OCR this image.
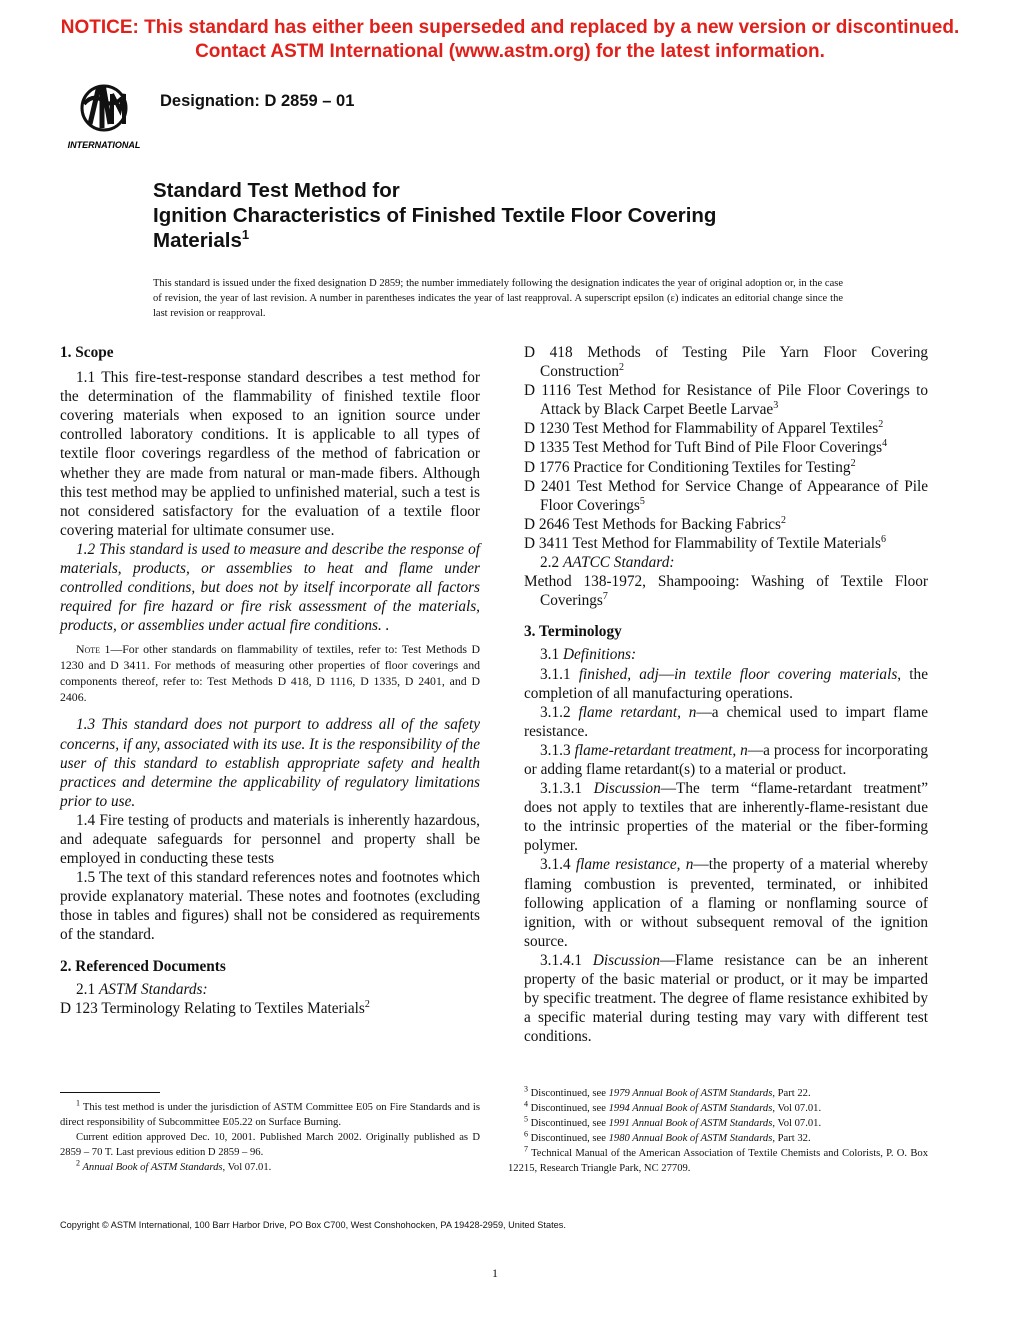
NOTICE: This standard has either been superseded and replaced by a new version or discontinued.
Contact ASTM International (www.astm.org) for the latest information.
INTERNATIONAL
Designation: D 2859 – 01
Standard Test Method for
Ignition Characteristics of Finished Textile Floor Covering
Materials$^1$
This standard is issued under the fixed designation D 2859; the number immediately following the designation indicates the year of original adoption or, in the case of revision, the year of last revision. A number in parentheses indicates the year of last reapproval. A superscript epsilon (ε) indicates an editorial change since the last revision or reapproval.
1. Scope

1.1 This fire-test-response standard describes a test method for the determination of the flammability of finished textile floor covering materials when exposed to an ignition source under controlled laboratory conditions. It is applicable to all types of textile floor coverings regardless of the method of fabrication or whether they are made from natural or man-made fibers. Although this test method may be applied to unfinished material, such a test is not considered satisfactory for the evaluation of a textile floor covering material for ultimate consumer use.

1.2 This standard is used to measure and describe the response of materials, products, or assemblies to heat and flame under controlled conditions, but does not by itself incorporate all factors required for fire hazard or fire risk assessment of the materials, products, or assemblies under actual fire conditions. .

Note 1—For other standards on flammability of textiles, refer to: Test Methods D 1230 and D 3411. For methods of measuring other properties of floor coverings and components thereof, refer to: Test Methods D 418, D 1116, D 1335, D 2401, and D 2406.

1.3 This standard does not purport to address all of the safety concerns, if any, associated with its use. It is the responsibility of the user of this standard to establish appropriate safety and health practices and determine the applicability of regulatory limitations prior to use.

1.4 Fire testing of products and materials is inherently hazardous, and adequate safeguards for personnel and property shall be employed in conducting these tests

1.5 The text of this standard references notes and footnotes which provide explanatory material. These notes and footnotes (excluding those in tables and figures) shall not be considered as requirements of the standard.

2. Referenced Documents

2.1 ASTM Standards:

D 123 Terminology Relating to Textiles Materials$^2$

D 418 Methods of Testing Pile Yarn Floor Covering Construction$^2$

D 1116 Test Method for Resistance of Pile Floor Coverings to Attack by Black Carpet Beetle Larvae$^3$

D 1230 Test Method for Flammability of Apparel Textiles$^2$

D 1335 Test Method for Tuft Bind of Pile Floor Coverings$^4$

D 1776 Practice for Conditioning Textiles for Testing$^2$

D 2401 Test Method for Service Change of Appearance of Pile Floor Coverings$^5$

D 2646 Test Methods for Backing Fabrics$^2$

D 3411 Test Method for Flammability of Textile Materials$^6$

2.2 AATCC Standard:

Method 138-1972, Shampooing: Washing of Textile Floor Coverings$^7$

3. Terminology

3.1 Definitions:

3.1.1 finished, adj—in textile floor covering materials, the completion of all manufacturing operations.

3.1.2 flame retardant, n—a chemical used to impart flame resistance.

3.1.3 flame-retardant treatment, n—a process for incorporating or adding flame retardant(s) to a material or product.

3.1.3.1 Discussion—The term “flame-retardant treatment” does not apply to textiles that are inherently-flame-resistant due to the intrinsic properties of the material or the fiber-forming polymer.

3.1.4 flame resistance, n—the property of a material whereby flaming combustion is prevented, terminated, or inhibited following application of a flaming or nonflaming source of ignition, with or without subsequent removal of the ignition source.

3.1.4.1 Discussion—Flame resistance can be an inherent property of the basic material or product, or it may be imparted by specific treatment. The degree of flame resistance exhibited by a specific material during testing may vary with different test conditions.

$^1$ This test method is under the jurisdiction of ASTM Committee E05 on Fire Standards and is direct responsibility of Subcommittee E05.22 on Surface Burning.

Current edition approved Dec. 10, 2001. Published March 2002. Originally published as D 2859 – 70 T. Last previous edition D 2859 – 96.

$^2$ Annual Book of ASTM Standards, Vol 07.01.

$^3$ Discontinued, see 1979 Annual Book of ASTM Standards, Part 22.

$^4$ Discontinued, see 1994 Annual Book of ASTM Standards, Vol 07.01.

$^5$ Discontinued, see 1991 Annual Book of ASTM Standards, Vol 07.01.

$^6$ Discontinued, see 1980 Annual Book of ASTM Standards, Part 32.

$^7$ Technical Manual of the American Association of Textile Chemists and Colorists, P. O. Box 12215, Research Triangle Park, NC 27709.

Copyright © ASTM International, 100 Barr Harbor Drive, PO Box C700, West Conshohocken, PA 19428-2959, United States.
1
